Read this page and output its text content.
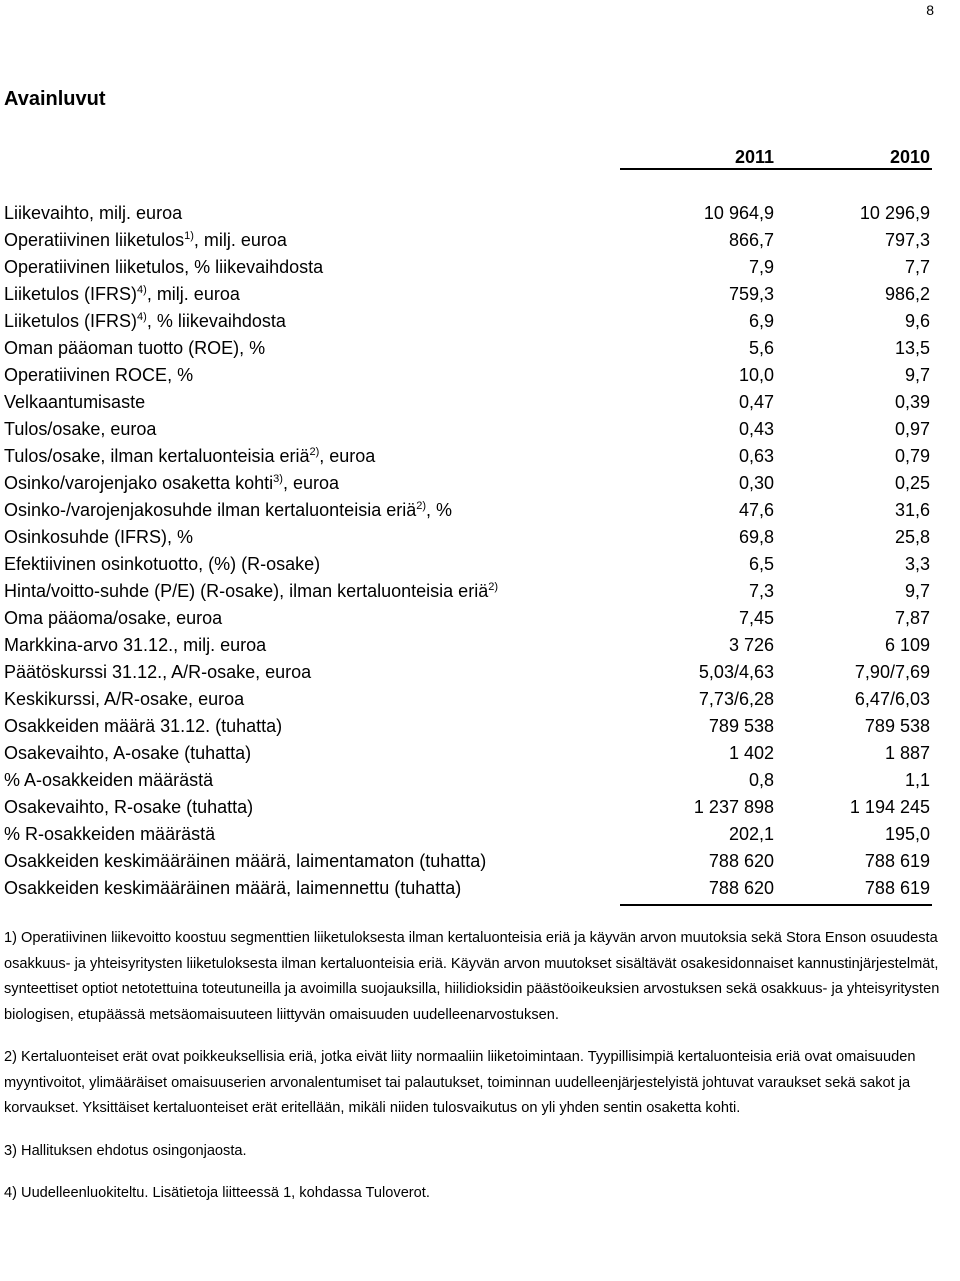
8
Avainluvut
2011	2010
Liikevaihto, milj. euroa	10 964,9	10 296,9
Operatiivinen liiketulos$^{1)}$, milj. euroa	866,7	797,3
Operatiivinen liiketulos, % liikevaihdosta	7,9	7,7
Liiketulos (IFRS)$^{4)}$, milj. euroa	759,3	986,2
Liiketulos (IFRS)$^{4)}$, % liikevaihdosta	6,9	9,6
Oman pääoman tuotto (ROE), %	5,6	13,5
Operatiivinen ROCE, %	10,0	9,7
Velkaantumisaste	0,47	0,39
Tulos/osake, euroa	0,43	0,97
Tulos/osake, ilman kertaluonteisia eriä$^{2)}$, euroa	0,63	0,79
Osinko/varojenjako osaketta kohti$^{3)}$, euroa	0,30	0,25
Osinko-/varojenjakosuhde ilman kertaluonteisia eriä$^{2)}$, %	47,6	31,6
Osinkosuhde (IFRS), %	69,8	25,8
Efektiivinen osinkotuotto, (%) (R-osake)	6,5	3,3
Hinta/voitto-suhde (P/E) (R-osake), ilman kertaluonteisia eriä$^{2)}$	7,3	9,7
Oma pääoma/osake, euroa	7,45	7,87
Markkina-arvo 31.12., milj. euroa	3 726	6 109
Päätöskurssi 31.12., A/R-osake, euroa	5,03/4,63	7,90/7,69
Keskikurssi, A/R-osake, euroa	7,73/6,28	6,47/6,03
Osakkeiden määrä 31.12. (tuhatta)	789 538	789 538
Osakevaihto, A-osake (tuhatta)	1 402	1 887
% A-osakkeiden määrästä	0,8	1,1
Osakevaihto, R-osake (tuhatta)	1 237 898	1 194 245
% R-osakkeiden määrästä	202,1	195,0
Osakkeiden keskimääräinen määrä, laimentamaton (tuhatta)	788 620	788 619
Osakkeiden keskimääräinen määrä, laimennettu (tuhatta)	788 620	788 619

1) Operatiivinen liikevoitto koostuu segmenttien liiketuloksesta ilman kertaluonteisia eriä ja käyvän arvon muutoksia sekä Stora Enson osuudesta osakkuus- ja yhteisyritysten liiketuloksesta ilman kertaluonteisia eriä. Käyvän arvon muutokset sisältävät osakesidonnaiset kannustinjärjestelmät, synteettiset optiot netotettuina toteutuneilla ja avoimilla suojauksilla, hiilidioksidin päästöoikeuksien arvostuksen sekä osakkuus- ja yhteisyritysten biologisen, etupäässä metsäomaisuuteen liittyvän omaisuuden uudelleenarvostuksen.

2) Kertaluonteiset erät ovat poikkeuksellisia eriä, jotka eivät liity normaaliin liiketoimintaan. Tyypillisimpiä kertaluonteisia eriä ovat omaisuuden myyntivoitot, ylimääräiset omaisuuserien arvonalentumiset tai palautukset, toiminnan uudelleenjärjestelyistä johtuvat varaukset sekä sakot ja korvaukset. Yksittäiset kertaluonteiset erät eritellään, mikäli niiden tulosvaikutus on yli yhden sentin osaketta kohti.

3) Hallituksen ehdotus osingonjaosta.

4) Uudelleenluokiteltu. Lisätietoja liitteessä 1, kohdassa Tuloverot.
